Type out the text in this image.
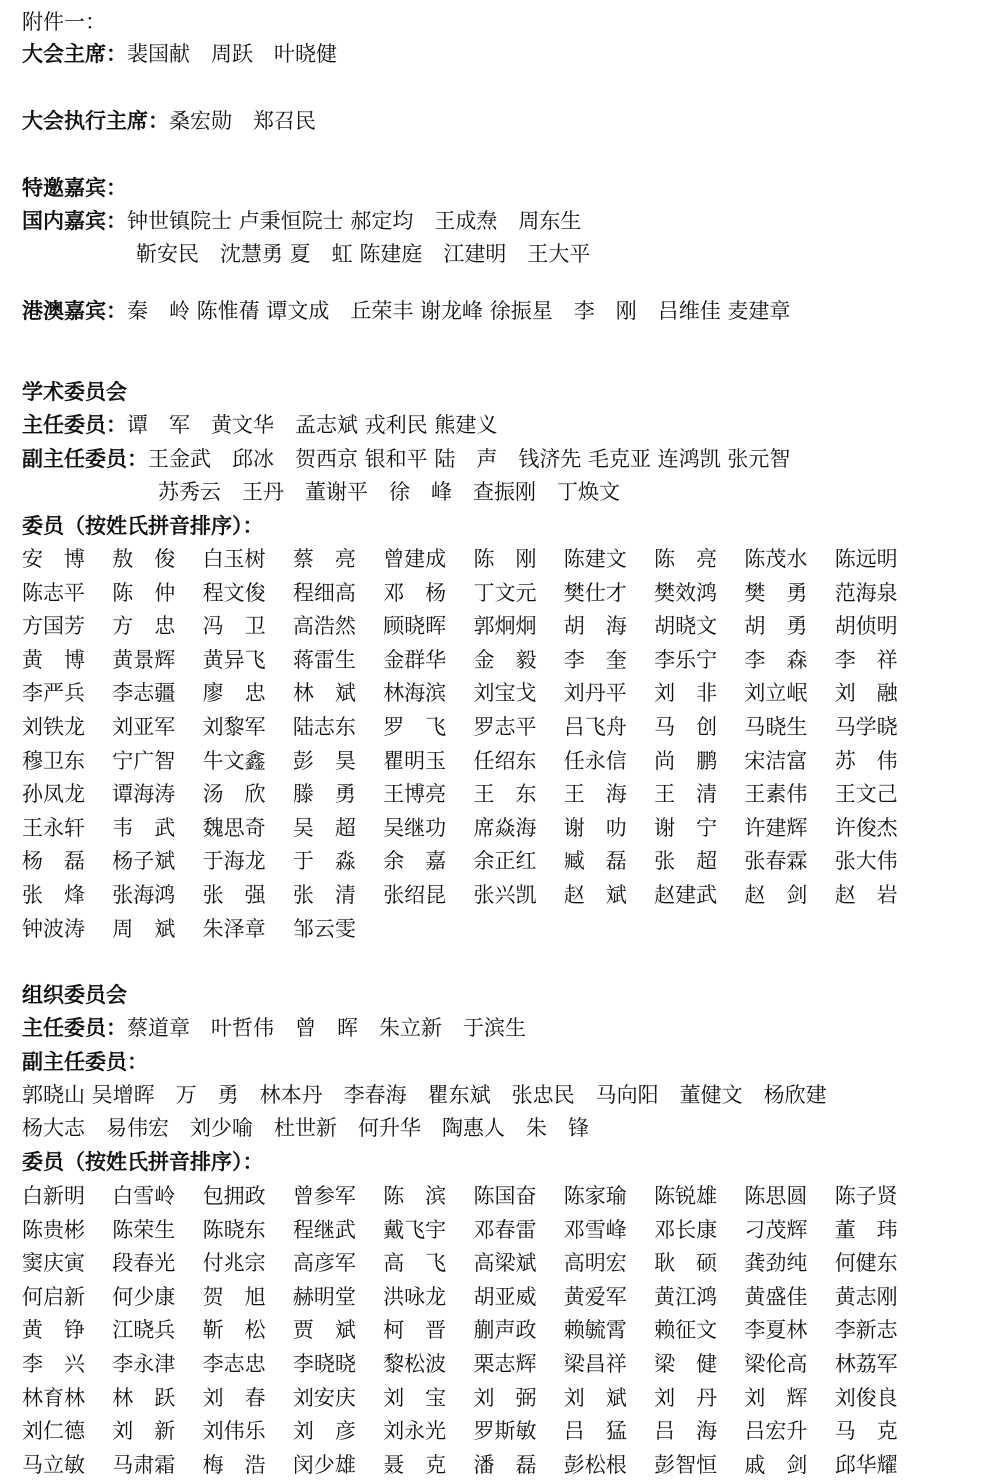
附件一：
大会主席：裴国献　周跃　叶晓健
大会执行主席：桑宏勋　郑召民
特邀嘉宾：
国内嘉宾：钟世镇院士 卢秉恒院士 郝定均　王成焘　周东生
靳安民　沈慧勇 夏　虹 陈建庭　江建明　王大平
港澳嘉宾：秦　岭 陈惟蒨 谭文成　丘荣丰 谢龙峰 徐振星　李　刚　吕维佳 麦建章
学术委员会
主任委员：谭　军　黄文华　孟志斌 戎利民 熊建义
副主任委员：王金武　邱冰　贺西京 银和平 陆　声　钱济先 毛克亚 连鸿凯 张元智
苏秀云　王丹　董谢平　徐　峰　查振刚　丁焕文
委员（按姓氏拼音排序）：
安　博 敖　俊 白玉树 蔡　亮 曾建成 陈　刚 陈建文 陈　亮 陈茂水 陈远明
陈志平 陈　仲 程文俊 程细高 邓　杨 丁文元 樊仕才 樊效鸿 樊　勇 范海泉
方国芳 方　忠 冯　卫 高浩然 顾晓晖 郭炯炯 胡　海 胡晓文 胡　勇 胡侦明
黄　博 黄景辉 黄异飞 蒋雷生 金群华 金　毅 李　奎 李乐宁 李　森 李　祥
李严兵 李志疆 廖　忠 林　斌 林海滨 刘宝戈 刘丹平 刘　非 刘立岷 刘　融
刘铁龙 刘亚军 刘黎军 陆志东 罗　飞 罗志平 吕飞舟 马　创 马晓生 马学晓
穆卫东 宁广智 牛文鑫 彭　昊 瞿明玉 任绍东 任永信 尚　鹏 宋洁富 苏　伟
孙凤龙 谭海涛 汤　欣 滕　勇 王博亮 王　东 王　海 王　清 王素伟 王文己
王永轩 韦　武 魏思奇 吴　超 吴继功 席焱海 谢　叻 谢　宁 许建辉 许俊杰
杨　磊 杨子斌 于海龙 于　淼 余　嘉 余正红 臧　磊 张　超 张春霖 张大伟
张　烽 张海鸿 张　强 张　清 张绍昆 张兴凯 赵　斌 赵建武 赵　剑 赵　岩
钟波涛 周　斌 朱泽章 邹云雯
组织委员会
主任委员：蔡道章　叶哲伟　曾　晖　朱立新　于滨生
副主任委员：
郭晓山 吴增晖　万　勇　林本丹　李春海　瞿东斌　张忠民　马向阳　董健文　杨欣建
杨大志　易伟宏　刘少喻　杜世新　何升华　陶惠人　朱　锋
委员（按姓氏拼音排序）：
白新明 白雪岭 包拥政 曾参军 陈　滨 陈国奋 陈家瑜 陈锐雄 陈思圆 陈子贤
陈贵彬 陈荣生 陈晓东 程继武 戴飞宇 邓春雷 邓雪峰 邓长康 刁茂辉 董　玮
窦庆寅 段春光 付兆宗 高彦军 高　飞 高梁斌 高明宏 耿　硕 龚劲纯 何健东
何启新 何少康 贺　旭 赫明堂 洪咏龙 胡亚威 黄爱军 黄江鸿 黄盛佳 黄志刚
黄　铮 江晓兵 靳　松 贾　斌 柯　晋 蒯声政 赖毓霄 赖征文 李夏林 李新志
李　兴 李永津 李志忠 李晓晓 黎松波 栗志辉 梁昌祥 梁　健 梁伦高 林荔军
林育林 林　跃 刘　春 刘安庆 刘　宝 刘　弼 刘　斌 刘　丹 刘　辉 刘俊良
刘仁德 刘　新 刘伟乐 刘　彦 刘永光 罗斯敏 吕　猛 吕　海 吕宏升 马　克
马立敏 马肃霜 梅　浩 闵少雄 聂　克 潘　磊 彭松根 彭智恒 戚　剑 邱华耀
